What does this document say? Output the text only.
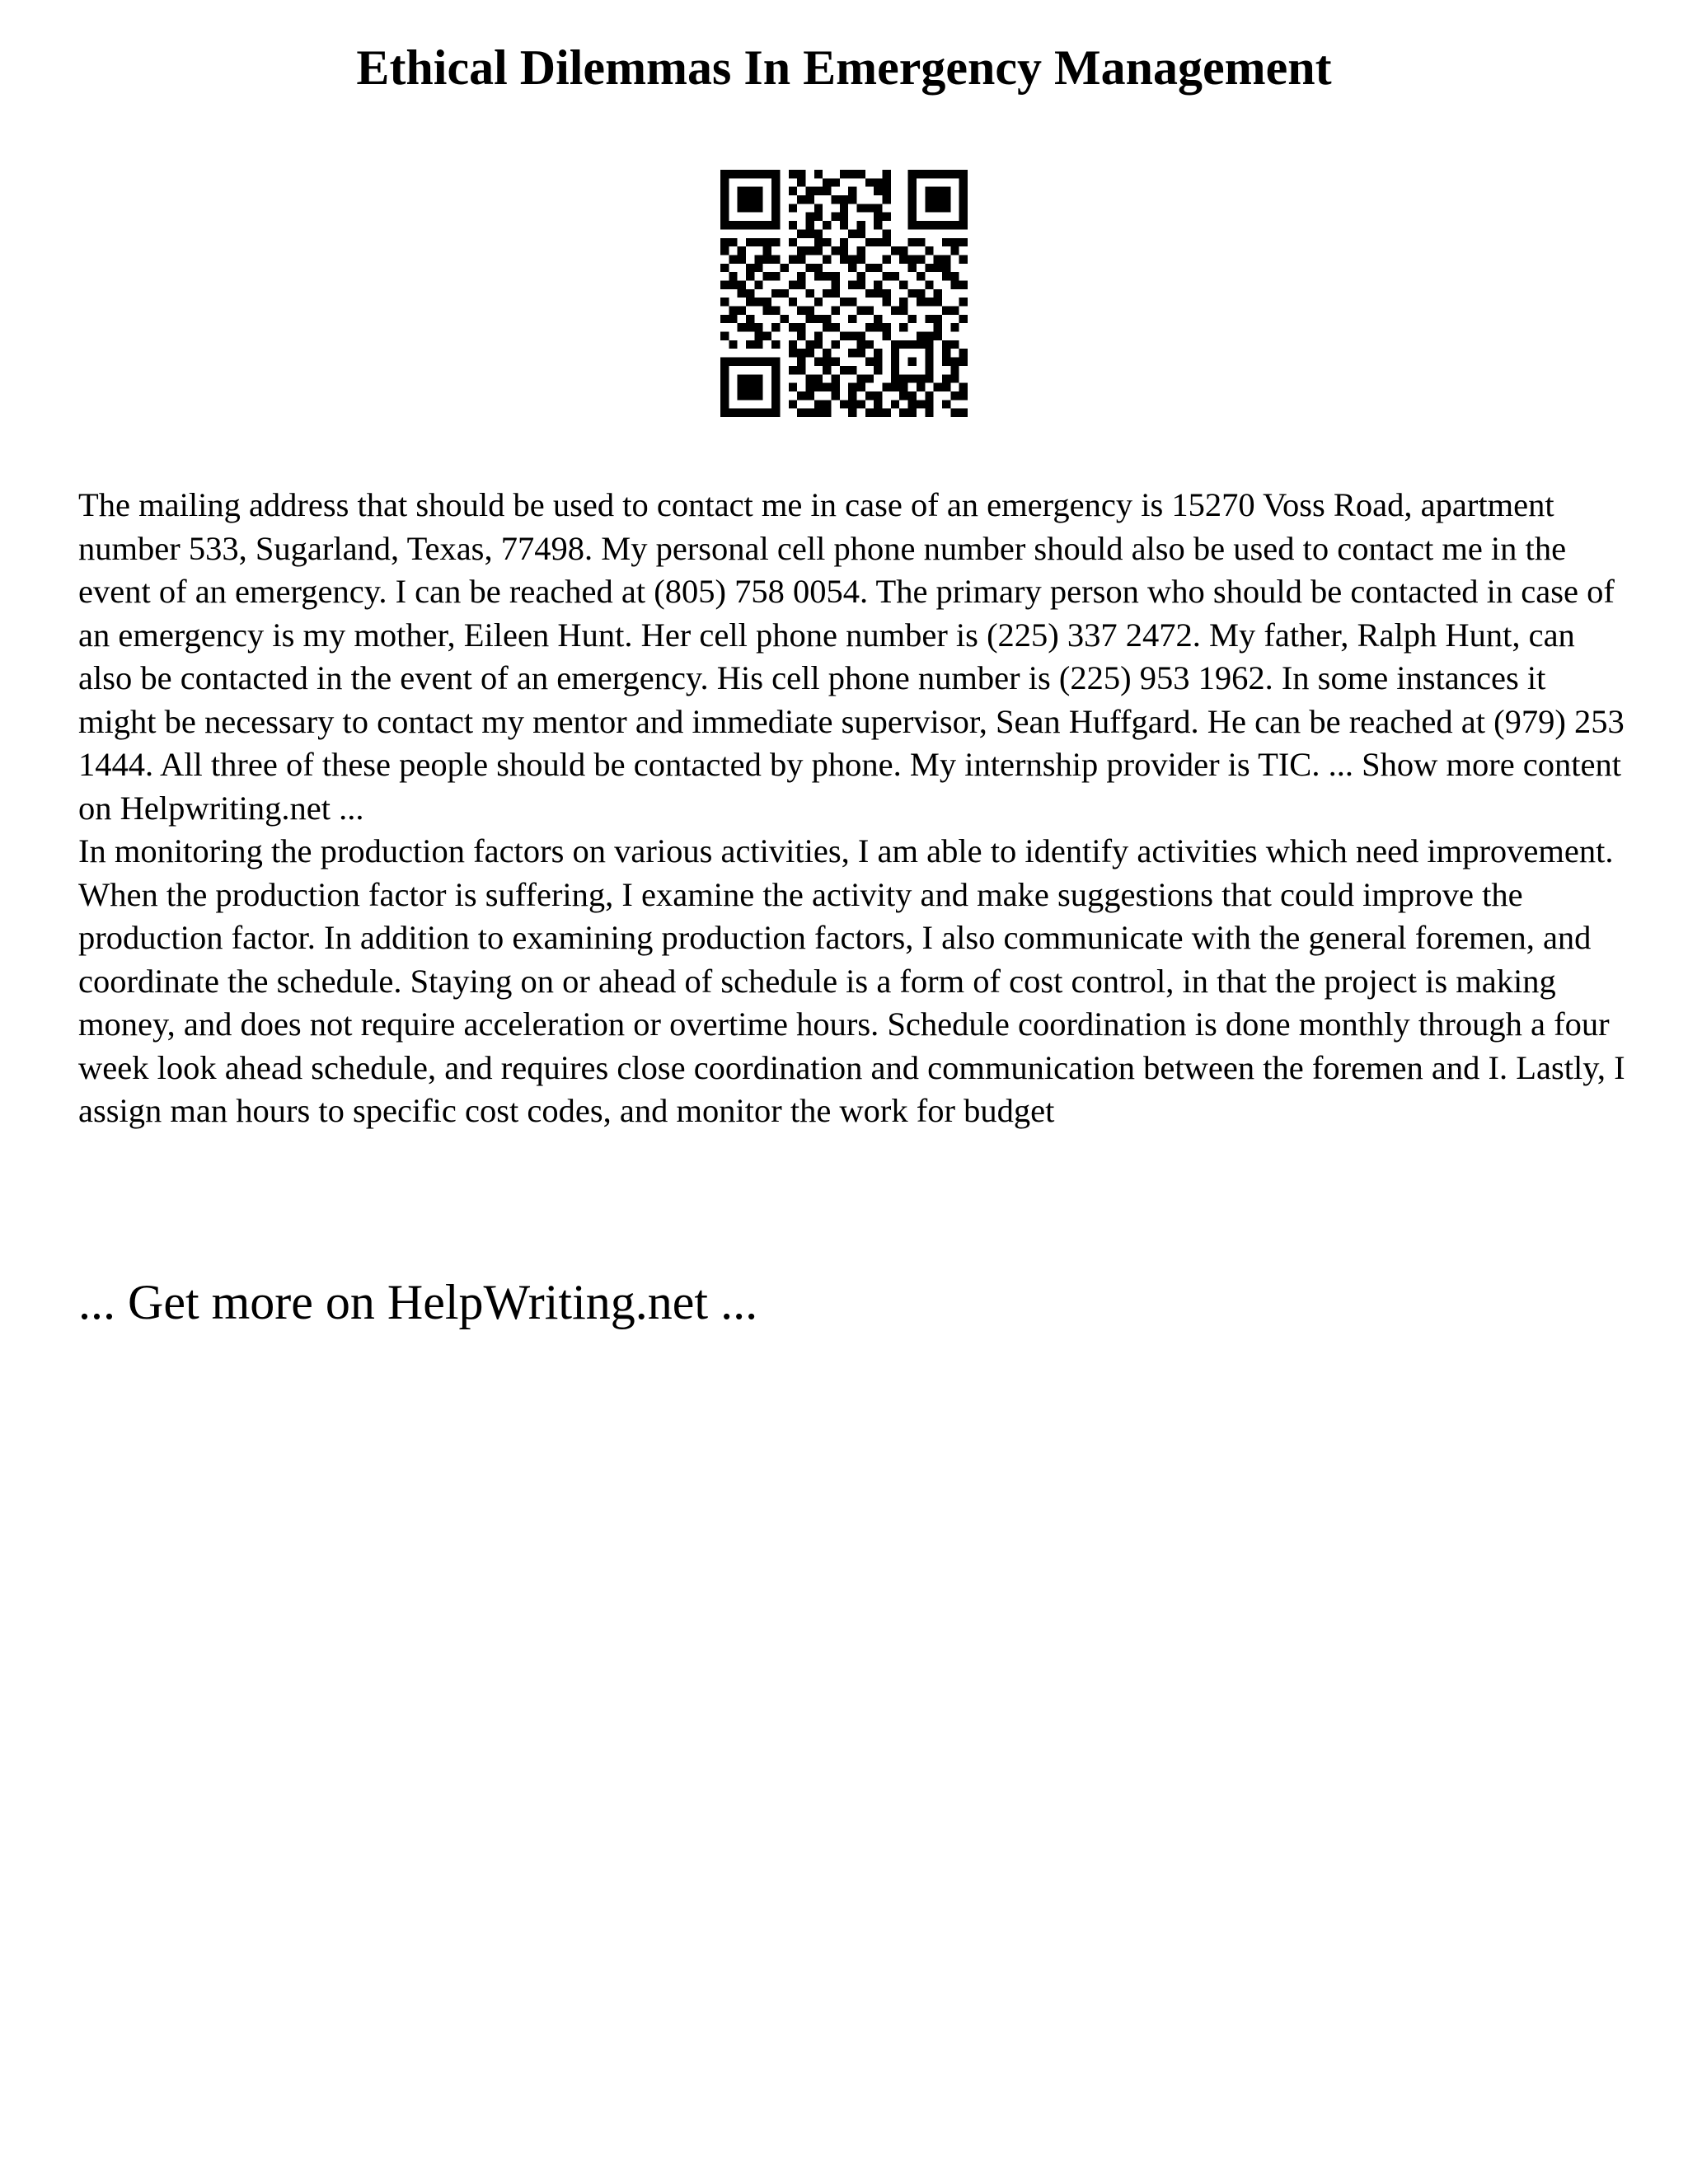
Ethical Dilemmas In Emergency Management

The mailing address that should be used to contact me in case of an emergency is 15270 Voss Road, apartment number 533, Sugarland, Texas, 77498. My personal cell phone number should also be used to contact me in the event of an emergency. I can be reached at (805) 758 0054. The primary person who should be contacted in case of an emergency is my mother, Eileen Hunt. Her cell phone number is (225) 337 2472. My father, Ralph Hunt, can also be contacted in the event of an emergency. His cell phone number is (225) 953 1962. In some instances it might be necessary to contact my mentor and immediate supervisor, Sean Huffgard. He can be reached at (979) 253 1444. All three of these people should be contacted by phone. My internship provider is TIC. ... Show more content on Helpwriting.net ...

In monitoring the production factors on various activities, I am able to identify activities which need improvement. When the production factor is suffering, I examine the activity and make suggestions that could improve the production factor. In addition to examining production factors, I also communicate with the general foremen, and coordinate the schedule. Staying on or ahead of schedule is a form of cost control, in that the project is making money, and does not require acceleration or overtime hours. Schedule coordination is done monthly through a four week look ahead schedule, and requires close coordination and communication between the foremen and I. Lastly, I assign man hours to specific cost codes, and monitor the work for budget

... Get more on HelpWriting.net ...
